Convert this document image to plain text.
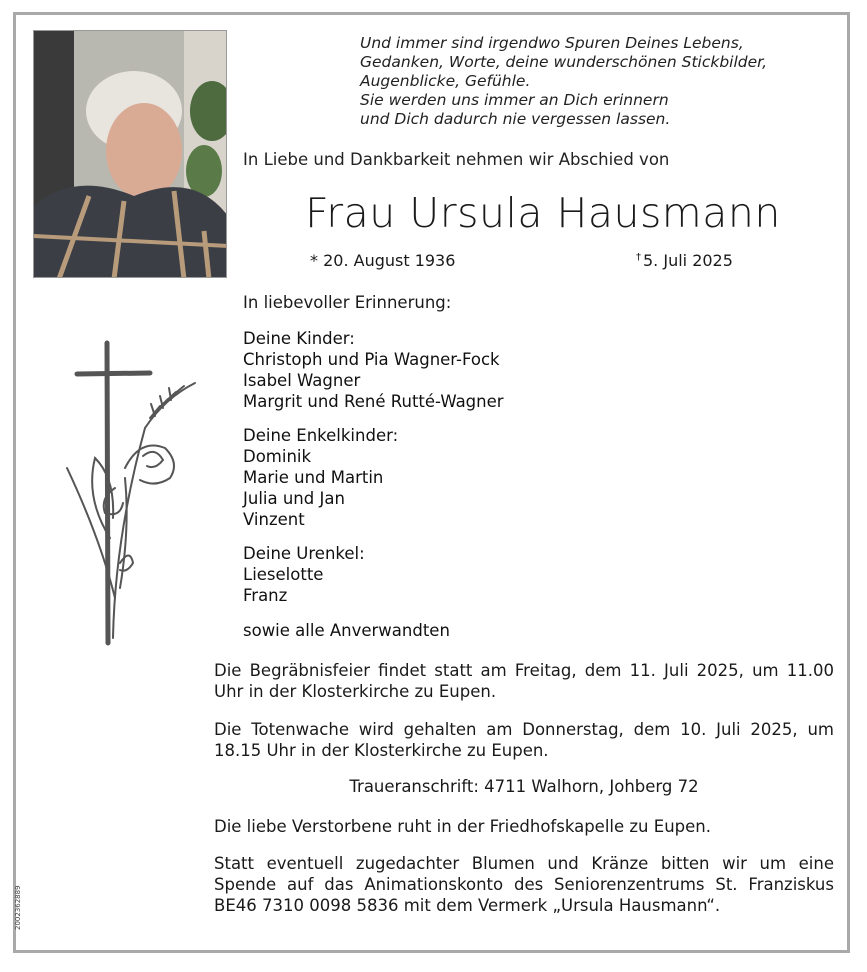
Und immer sind irgendwo Spuren Deines Lebens,
Gedanken, Worte, deine wunderschönen Stickbilder,
Augenblicke, Gefühle.
Sie werden uns immer an Dich erinnern
und Dich dadurch nie vergessen lassen.
In Liebe und Dankbarkeit nehmen wir Abschied von
Frau Ursula Hausmann
* 20. August 1936	† 5. Juli 2025
In liebevoller Erinnerung:
Deine Kinder:
Christoph und Pia Wagner-Fock
Isabel Wagner
Margrit und René Rutté-Wagner
Deine Enkelkinder:
Dominik
Marie und Martin
Julia und Jan
Vinzent
Deine Urenkel:
Lieselotte
Franz
sowie alle Anverwandten
Die Begräbnisfeier findet statt am Freitag, dem 11. Juli 2025, um 11.00 Uhr in der Klosterkirche zu Eupen.
Die Totenwache wird gehalten am Donnerstag, dem 10. Juli 2025, um 18.15 Uhr in der Klosterkirche zu Eupen.
Traueranschrift: 4711 Walhorn, Johberg 72
Die liebe Verstorbene ruht in der Friedhofskapelle zu Eupen.
Statt eventuell zugedachter Blumen und Kränze bitten wir um eine Spende auf das Animationskonto des Seniorenzentrums St. Franziskus BE46 7310 0098 5836 mit dem Vermerk „Ursula Hausmann“.
2002362889
